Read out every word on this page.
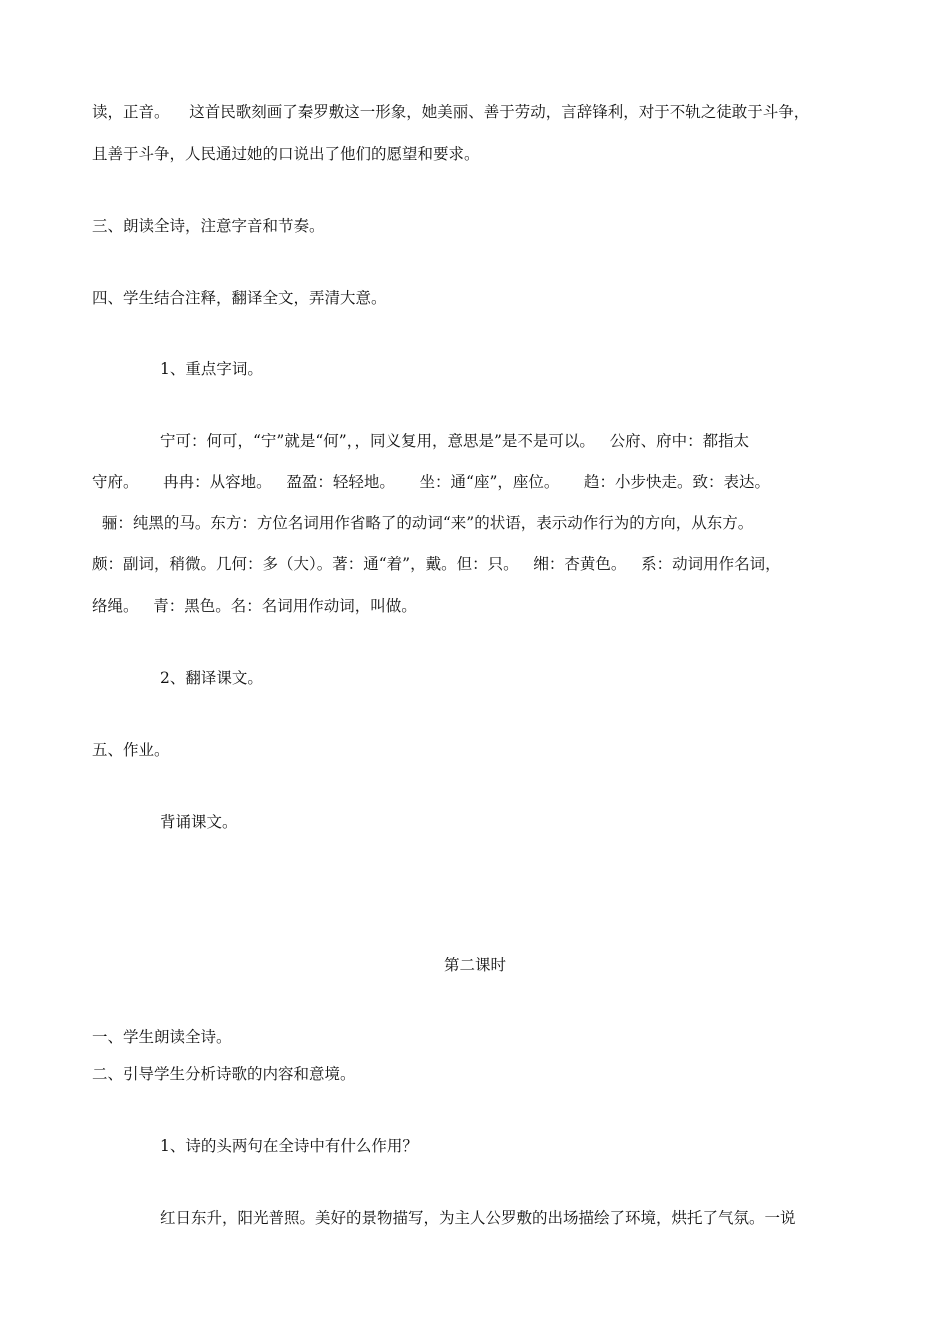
读，正音。    这首民歌刻画了秦罗敷这一形象，她美丽、善于劳动，言辞锋利，对于不轨之徒敢于斗争，
且善于斗争，人民通过她的口说出了他们的愿望和要求。
三、朗读全诗，注意字音和节奏。
四、学生结合注释，翻译全文，弄清大意。
1、重点字词。
宁可：何可，“宁”就是“何”，，同义复用，意思是”是不是可以。   公府、府中：都指太
守府。     冉冉：从容地。   盈盈：轻轻地。     坐：通“座”，座位。     趋：小步快走。致：表达。
骊：纯黑的马。东方：方位名词用作省略了的动词“来”的状语，表示动作行为的方向，从东方。
颇：副词，稍微。几何：多（大）。著：通“着”，戴。但：只。   缃：杏黄色。   系：动词用作名词，
络绳。   青：黑色。名：名词用作动词，叫做。
2、翻译课文。
五、作业。
背诵课文。
第二课时
一、学生朗读全诗。
二、引导学生分析诗歌的内容和意境。
1、诗的头两句在全诗中有什么作用？
红日东升，阳光普照。美好的景物描写，为主人公罗敷的出场描绘了环境，烘托了气氛。一说
